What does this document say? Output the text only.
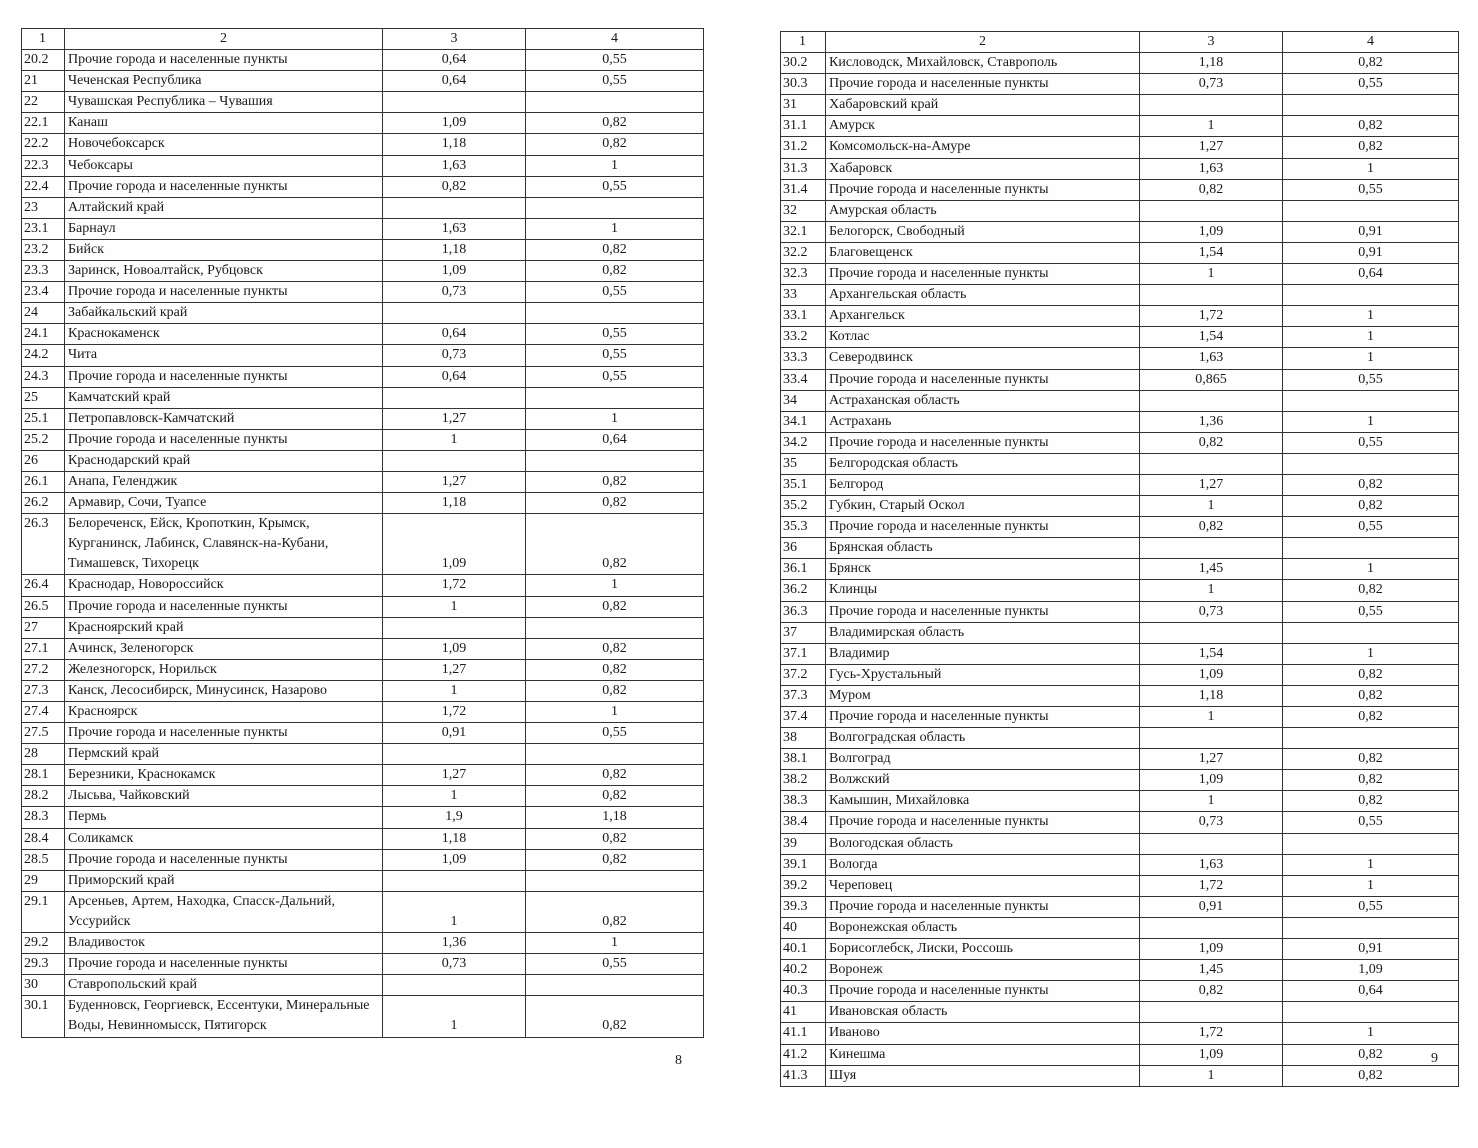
1	2	3	4
20.2	Прочие города и населенные пункты	0,64	0,55
21	Чеченская Республика	0,64	0,55
22	Чувашская Республика – Чувашия		

22.1	Канаш	1,09	0,82
22.2	Новочебоксарск	1,18	0,82
22.3	Чебоксары	1,63	1
22.4	Прочие города и населенные пункты	0,82	0,55
23	Алтайский край		

23.1	Барнаул	1,63	1
23.2	Бийск	1,18	0,82
23.3	Заринск, Новоалтайск, Рубцовск	1,09	0,82
23.4	Прочие города и населенные пункты	0,73	0,55
24	Забайкальский край		

24.1	Краснокаменск	0,64	0,55
24.2	Чита	0,73	0,55
24.3	Прочие города и населенные пункты	0,64	0,55
25	Камчатский край		

25.1	Петропавловск-Камчатский	1,27	1
25.2	Прочие города и населенные пункты	1	0,64
26	Краснодарский край		

26.1	Анапа, Геленджик	1,27	0,82
26.2	Армавир, Сочи, Туапсе	1,18	0,82
26.3	Белореченск, Ейск, Кропоткин, Крымск, Курганинск, Лабинск, Славянск-на-Кубани, Тимашевск, Тихорецк	1,09	0,82
26.4	Краснодар, Новороссийск	1,72	1
26.5	Прочие города и населенные пункты	1	0,82
27	Красноярский край		

27.1	Ачинск, Зеленогорск	1,09	0,82
27.2	Железногорск, Норильск	1,27	0,82
27.3	Канск, Лесосибирск, Минусинск, Назарово	1	0,82
27.4	Красноярск	1,72	1
27.5	Прочие города и населенные пункты	0,91	0,55
28	Пермский край		

28.1	Березники, Краснокамск	1,27	0,82
28.2	Лысьва, Чайковский	1	0,82
28.3	Пермь	1,9	1,18
28.4	Соликамск	1,18	0,82
28.5	Прочие города и населенные пункты	1,09	0,82
29	Приморский край		

29.1	Арсеньев, Артем, Находка, Спасск-Дальний, Уссурийск	1	0,82
29.2	Владивосток	1,36	1
29.3	Прочие города и населенные пункты	0,73	0,55
30	Ставропольский край		

30.1	Буденновск, Георгиевск, Ессентуки, Минеральные Воды, Невинномысск, Пятигорск	1	0,82
8
1	2	3	4
30.2	Кисловодск, Михайловск, Ставрополь	1,18	0,82
30.3	Прочие города и населенные пункты	0,73	0,55
31	Хабаровский край		

31.1	Амурск	1	0,82
31.2	Комсомольск-на-Амуре	1,27	0,82
31.3	Хабаровск	1,63	1
31.4	Прочие города и населенные пункты	0,82	0,55
32	Амурская область		

32.1	Белогорск, Свободный	1,09	0,91
32.2	Благовещенск	1,54	0,91
32.3	Прочие города и населенные пункты	1	0,64
33	Архангельская область		

33.1	Архангельск	1,72	1
33.2	Котлас	1,54	1
33.3	Северодвинск	1,63	1
33.4	Прочие города и населенные пункты	0,865	0,55
34	Астраханская область		

34.1	Астрахань	1,36	1
34.2	Прочие города и населенные пункты	0,82	0,55
35	Белгородская область		

35.1	Белгород	1,27	0,82
35.2	Губкин, Старый Оскол	1	0,82
35.3	Прочие города и населенные пункты	0,82	0,55
36	Брянская область		

36.1	Брянск	1,45	1
36.2	Клинцы	1	0,82
36.3	Прочие города и населенные пункты	0,73	0,55
37	Владимирская область		

37.1	Владимир	1,54	1
37.2	Гусь-Хрустальный	1,09	0,82
37.3	Муром	1,18	0,82
37.4	Прочие города и населенные пункты	1	0,82
38	Волгоградская область		

38.1	Волгоград	1,27	0,82
38.2	Волжский	1,09	0,82
38.3	Камышин, Михайловка	1	0,82
38.4	Прочие города и населенные пункты	0,73	0,55
39	Вологодская область		

39.1	Вологда	1,63	1
39.2	Череповец	1,72	1
39.3	Прочие города и населенные пункты	0,91	0,55
40	Воронежская область		

40.1	Борисоглебск, Лиски, Россошь	1,09	0,91
40.2	Воронеж	1,45	1,09
40.3	Прочие города и населенные пункты	0,82	0,64
41	Ивановская область		

41.1	Иваново	1,72	1
41.2	Кинешма	1,09	0,82
41.3	Шуя	1	0,82
9
